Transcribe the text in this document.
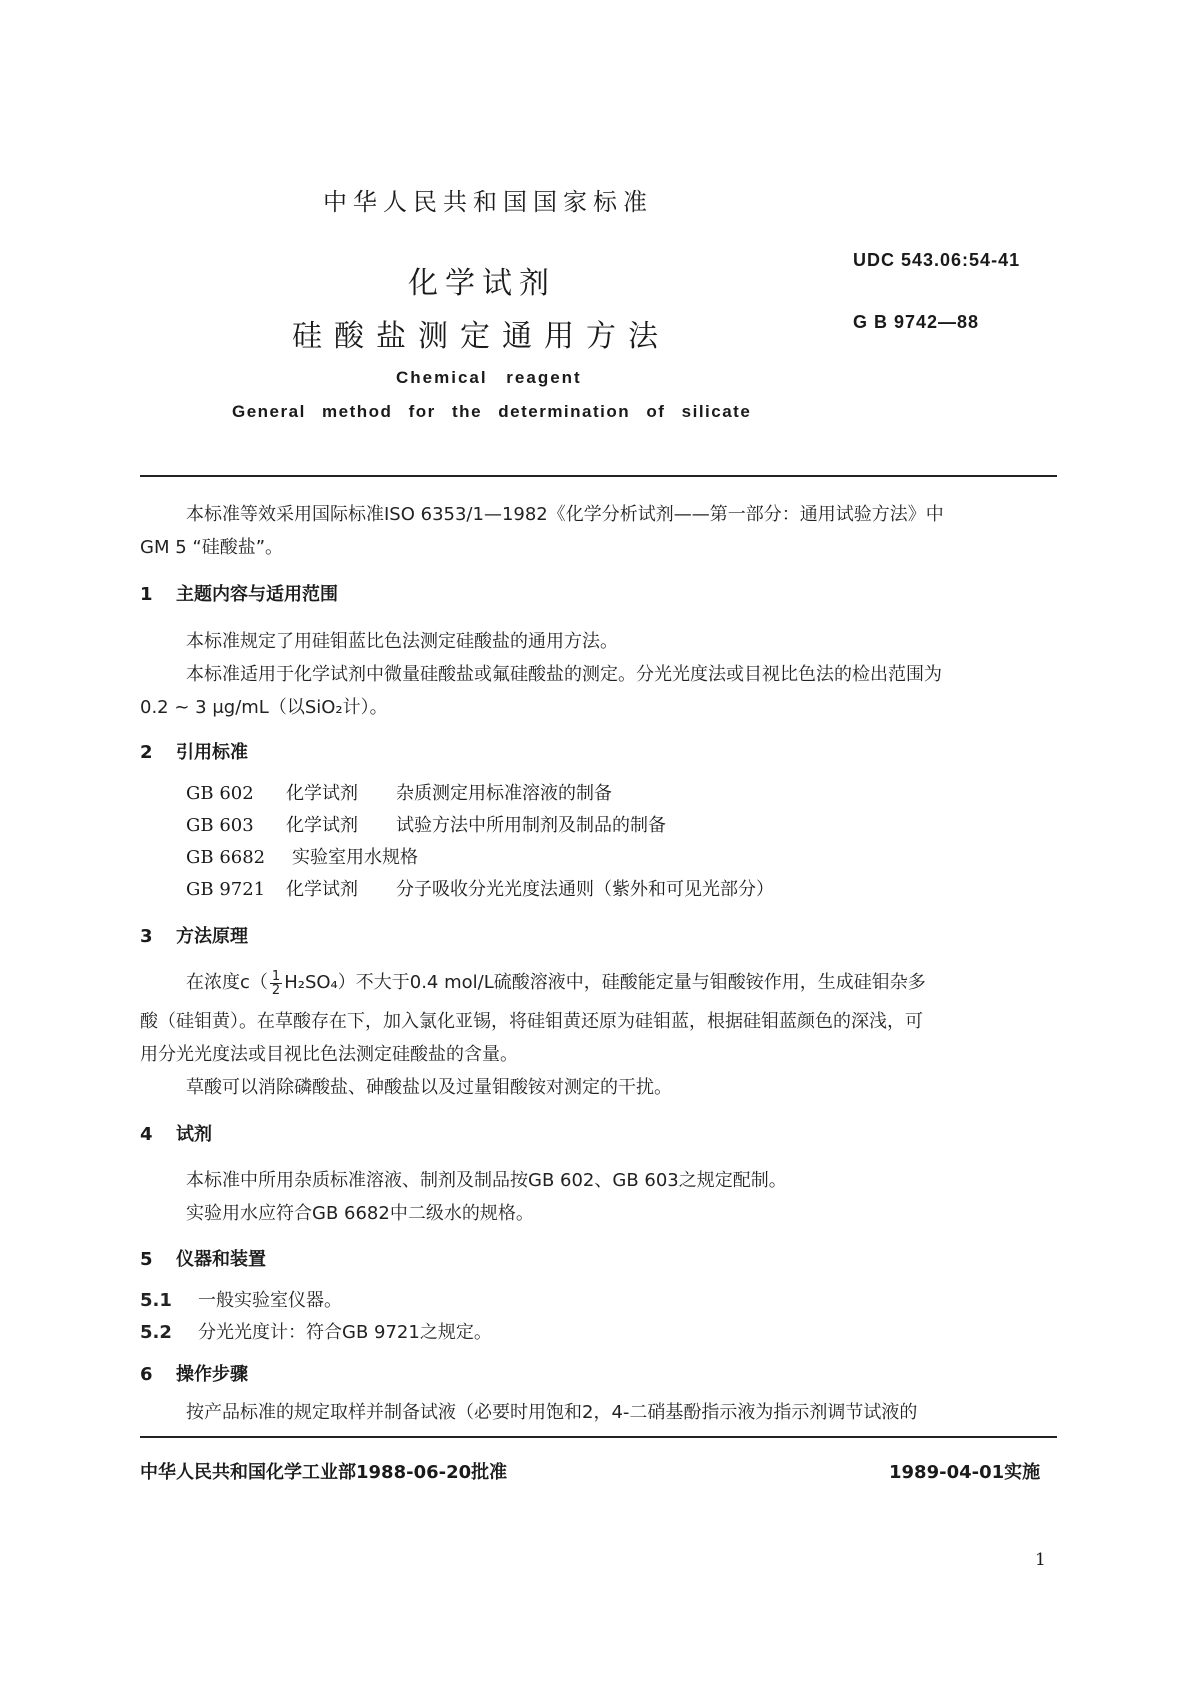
中华人民共和国国家标准
化学试剂
硅酸盐测定通用方法
UDC 543.06:54-41
G B 9742—88
Chemical reagent
General method for the determination of silicate
本标准等效采用国际标准ISO 6353/1—1982《化学分析试剂——第一部分：通用试验方法》中
GM 5 “硅酸盐”。
1 主题内容与适用范围
本标准规定了用硅钼蓝比色法测定硅酸盐的通用方法。
本标准适用于化学试剂中微量硅酸盐或氟硅酸盐的测定。分光光度法或目视比色法的检出范围为
0.2 ~ 3 μg/mL（以SiO₂计）。
2 引用标准
GB 602 化学试剂 杂质测定用标准溶液的制备
GB 603 化学试剂 试验方法中所用制剂及制品的制备
GB 6682 实验室用水规格
GB 9721 化学试剂 分子吸收分光光度法通则（紫外和可见光部分）
3 方法原理
在浓度$c( \frac{1}{2} H_2SO_4)$不大于0.4 mol/L硫酸溶液中，硅酸能定量与钼酸铵作用，生成硅钼杂多
酸（硅钼黄）。在草酸存在下，加入氯化亚锡，将硅钼黄还原为硅钼蓝，根据硅钼蓝颜色的深浅，可
用分光光度法或目视比色法测定硅酸盐的含量。
草酸可以消除磷酸盐、砷酸盐以及过量钼酸铵对测定的干扰。
4 试剂
本标准中所用杂质标准溶液、制剂及制品按GB 602、GB 603之规定配制。
实验用水应符合GB 6682中二级水的规格。
5 仪器和装置
5.1 一般实验室仪器。
5.2 分光光度计：符合GB 9721之规定。
6 操作步骤
按产品标准的规定取样并制备试液（必要时用饱和2，4-二硝基酚指示液为指示剂调节试液的
中华人民共和国化学工业部1988-06-20批准	1989-04-01实施
1
